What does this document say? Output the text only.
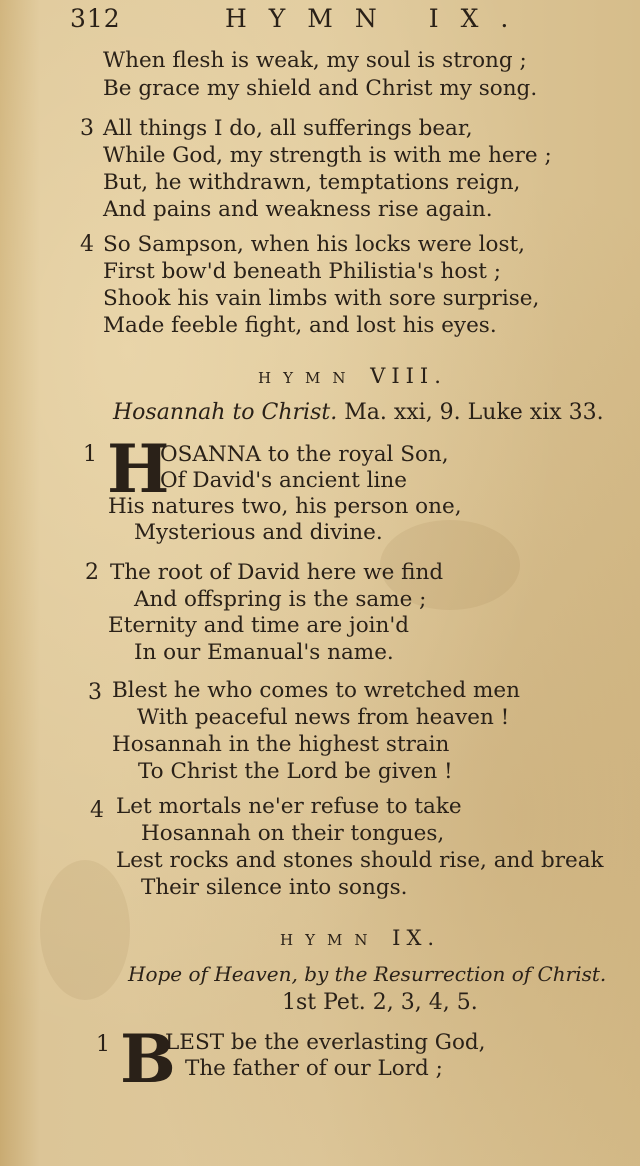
312	HYMN IX.
When flesh is weak, my soul is strong ;
Be grace my shield and Christ my song.
3 All things I do, all sufferings bear,
While God, my strength is with me here ;
But, he withdrawn, temptations reign,
And pains and weakness rise again.
4 So Sampson, when his locks were lost,
First bow'd beneath Philistia's host ;
Shook his vain limbs with sore surprise,
Made feeble fight, and lost his eyes.
HYMN VIII.
Hosannah to Christ. Ma. xxi, 9. Luke xix 33.
1 H
OSANNA to the royal Son,
Of David's ancient line
His natures two, his person one,
Mysterious and divine.
2 The root of David here we find
And offspring is the same ;
Eternity and time are join'd
In our Emanual's name.
3 Blest he who comes to wretched men
With peaceful news from heaven !
Hosannah in the highest strain
To Christ the Lord be given !
4 Let mortals ne'er refuse to take
Hosannah on their tongues,
Lest rocks and stones should rise, and break
Their silence into songs.
HYMN IX.
Hope of Heaven, by the Resurrection of Christ.
1st Pet. 2, 3, 4, 5.
1 B
LEST be the everlasting God,
The father of our Lord ;
